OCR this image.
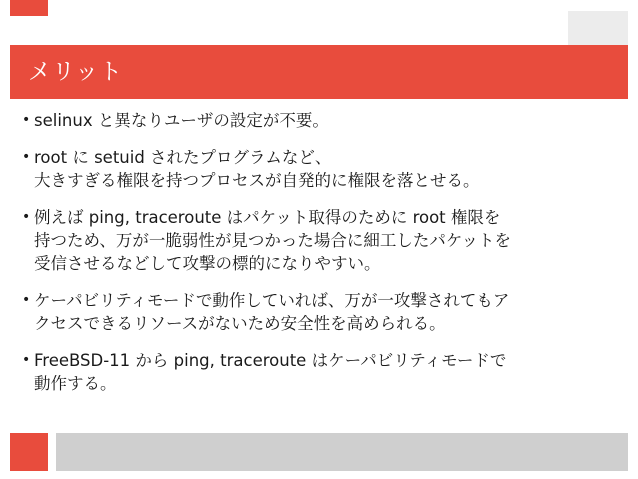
メリット
• selinux と異なりユーザの設定が不要。
• root に setuid されたプログラムなど、
大きすぎる権限を持つプロセスが自発的に権限を落とせる。
• 例えば ping, traceroute はパケット取得のために root 権限を
持つため、万が一脆弱性が見つかった場合に細工したパケットを
受信させるなどして攻撃の標的になりやすい。
• ケーパビリティモードで動作していれば、万が一攻撃されてもア
クセスできるリソースがないため安全性を高められる。
• FreeBSD-11 から ping, traceroute はケーパビリティモードで
動作する。
